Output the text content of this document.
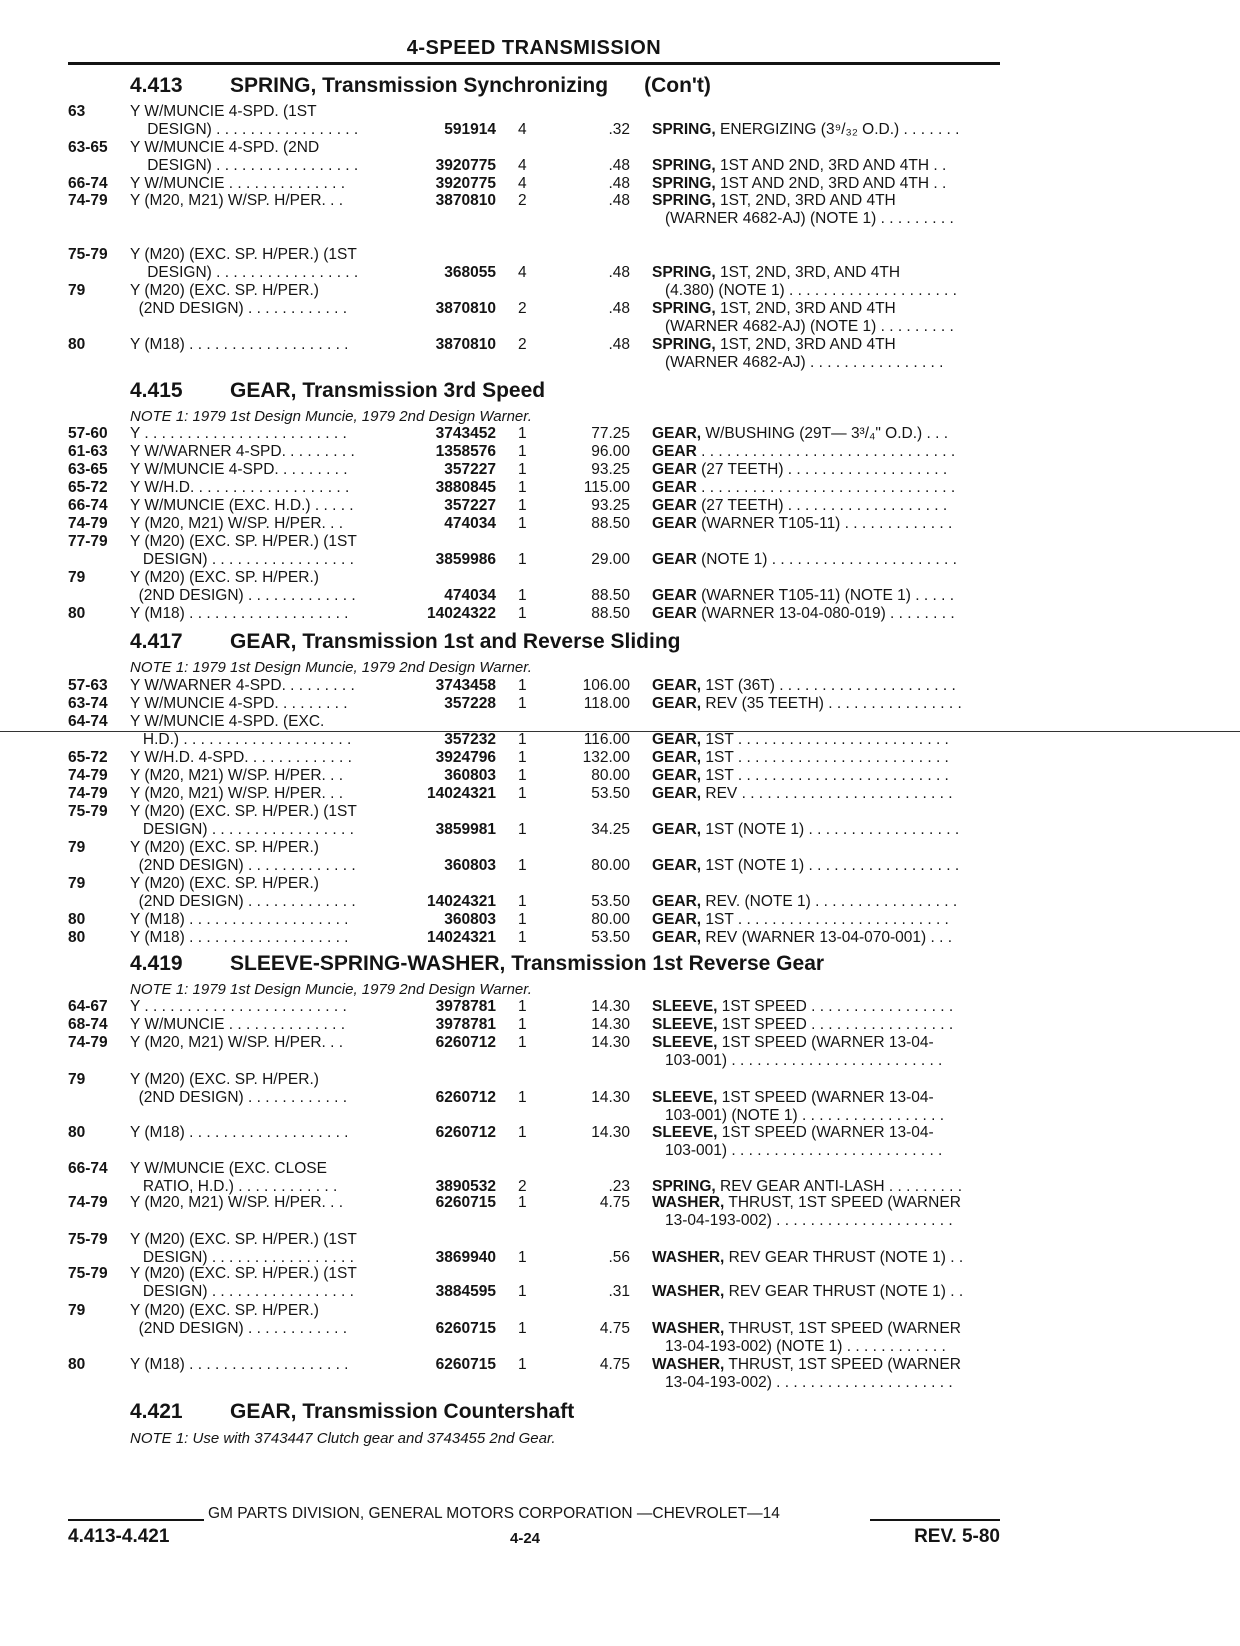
4-SPEED TRANSMISSION
4.413 SPRING, Transmission Synchronizing (Con't)
63	Y W/MUNCIE 4-SPD. (1ST
DESIGN) . . . . . . . . . . . . . . . . .	591914 4	.32 SPRING, ENERGIZING (3⁹/₃₂ O.D.) . . . . . . .
63-65 Y W/MUNCIE 4-SPD. (2ND
DESIGN) . . . . . . . . . . . . . . . . .	3920775 4	.48 SPRING, 1ST AND 2ND, 3RD AND 4TH . .
66-74 Y W/MUNCIE . . . . . . . . . . . . . .	3920775 4	.48 SPRING, 1ST AND 2ND, 3RD AND 4TH . .
74-79 Y (M20, M21) W/SP. H/PER. . .	3870810 2	.48 SPRING, 1ST, 2ND, 3RD AND 4TH
(WARNER 4682-AJ) (NOTE 1) . . . . . . . . .
75-79 Y (M20) (EXC. SP. H/PER.) (1ST
DESIGN) . . . . . . . . . . . . . . . . .	368055 4	.48 SPRING, 1ST, 2ND, 3RD, AND 4TH
(4.380) (NOTE 1) . . . . . . . . . . . . . . . . . . . .
79	Y (M20) (EXC. SP. H/PER.)
(2ND DESIGN) . . . . . . . . . . . .	3870810 2	.48 SPRING, 1ST, 2ND, 3RD AND 4TH
(WARNER 4682-AJ) (NOTE 1) . . . . . . . . .
80	Y (M18) . . . . . . . . . . . . . . . . . . .	3870810 2	.48 SPRING, 1ST, 2ND, 3RD AND 4TH
(WARNER 4682-AJ) . . . . . . . . . . . . . . . .
4.415 GEAR, Transmission 3rd Speed
NOTE 1: 1979 1st Design Muncie, 1979 2nd Design Warner.
57-60 Y . . . . . . . . . . . . . . . . . . . . . . . .	3743452 1	77.25 GEAR, W/BUSHING (29T— 3³/₄" O.D.) . . .
61-63 Y W/WARNER 4-SPD. . . . . . . . .	1358576 1	96.00 GEAR . . . . . . . . . . . . . . . . . . . . . . . . . . . . . .
63-65 Y W/MUNCIE 4-SPD. . . . . . . . .	357227 1	93.25 GEAR (27 TEETH) . . . . . . . . . . . . . . . . . . .
65-72 Y W/H.D. . . . . . . . . . . . . . . . . . .	3880845 1	115.00 GEAR . . . . . . . . . . . . . . . . . . . . . . . . . . . . . .
66-74 Y W/MUNCIE (EXC. H.D.) . . . . .	357227 1	93.25 GEAR (27 TEETH) . . . . . . . . . . . . . . . . . . .
74-79 Y (M20, M21) W/SP. H/PER. . .	474034 1	88.50 GEAR (WARNER T105-11) . . . . . . . . . . . . .
77-79 Y (M20) (EXC. SP. H/PER.) (1ST
DESIGN) . . . . . . . . . . . . . . . . .	3859986 1	29.00 GEAR (NOTE 1) . . . . . . . . . . . . . . . . . . . . . .
79	Y (M20) (EXC. SP. H/PER.)
(2ND DESIGN) . . . . . . . . . . . . .	474034 1	88.50 GEAR (WARNER T105-11) (NOTE 1) . . . . .
80	Y (M18) . . . . . . . . . . . . . . . . . . .	14024322 1	88.50 GEAR (WARNER 13-04-080-019) . . . . . . . .
4.417 GEAR, Transmission 1st and Reverse Sliding
NOTE 1: 1979 1st Design Muncie, 1979 2nd Design Warner.
57-63 Y W/WARNER 4-SPD. . . . . . . . .	3743458 1	106.00 GEAR, 1ST (36T) . . . . . . . . . . . . . . . . . . . . .
63-74 Y W/MUNCIE 4-SPD. . . . . . . . .	357228 1	118.00 GEAR, REV (35 TEETH) . . . . . . . . . . . . . . . .
64-74 Y W/MUNCIE 4-SPD. (EXC.
H.D.) . . . . . . . . . . . . . . . . . . . .	357232 1	116.00 GEAR, 1ST . . . . . . . . . . . . . . . . . . . . . . . . .
65-72 Y W/H.D. 4-SPD. . . . . . . . . . . . .	3924796 1	132.00 GEAR, 1ST . . . . . . . . . . . . . . . . . . . . . . . . .
74-79 Y (M20, M21) W/SP. H/PER. . .	360803 1	80.00 GEAR, 1ST . . . . . . . . . . . . . . . . . . . . . . . . .
74-79 Y (M20, M21) W/SP. H/PER. . .	14024321 1	53.50 GEAR, REV . . . . . . . . . . . . . . . . . . . . . . . . .
75-79 Y (M20) (EXC. SP. H/PER.) (1ST
DESIGN) . . . . . . . . . . . . . . . . .	3859981 1	34.25 GEAR, 1ST (NOTE 1) . . . . . . . . . . . . . . . . . .
79	Y (M20) (EXC. SP. H/PER.)
(2ND DESIGN) . . . . . . . . . . . . .	360803 1	80.00 GEAR, 1ST (NOTE 1) . . . . . . . . . . . . . . . . . .
79	Y (M20) (EXC. SP. H/PER.)
(2ND DESIGN) . . . . . . . . . . . . .	14024321 1	53.50 GEAR, REV. (NOTE 1) . . . . . . . . . . . . . . . . .
80	Y (M18) . . . . . . . . . . . . . . . . . . .	360803 1	80.00 GEAR, 1ST . . . . . . . . . . . . . . . . . . . . . . . . .
80	Y (M18) . . . . . . . . . . . . . . . . . . .	14024321 1	53.50 GEAR, REV (WARNER 13-04-070-001) . . .
4.419 SLEEVE-SPRING-WASHER, Transmission 1st Reverse Gear
NOTE 1: 1979 1st Design Muncie, 1979 2nd Design Warner.
64-67 Y . . . . . . . . . . . . . . . . . . . . . . . .	3978781 1	14.30 SLEEVE, 1ST SPEED . . . . . . . . . . . . . . . . .
68-74 Y W/MUNCIE . . . . . . . . . . . . . .	3978781 1	14.30 SLEEVE, 1ST SPEED . . . . . . . . . . . . . . . . .
74-79 Y (M20, M21) W/SP. H/PER. . .	6260712 1	14.30 SLEEVE, 1ST SPEED (WARNER 13-04-
103-001) . . . . . . . . . . . . . . . . . . . . . . . . .
79	Y (M20) (EXC. SP. H/PER.)
(2ND DESIGN) . . . . . . . . . . . .	6260712 1	14.30 SLEEVE, 1ST SPEED (WARNER 13-04-
103-001) (NOTE 1) . . . . . . . . . . . . . . . . .
80	Y (M18) . . . . . . . . . . . . . . . . . . .	6260712 1	14.30 SLEEVE, 1ST SPEED (WARNER 13-04-
103-001) . . . . . . . . . . . . . . . . . . . . . . . . .
66-74 Y W/MUNCIE (EXC. CLOSE
RATIO, H.D.) . . . . . . . . . . . .	3890532 2	.23 SPRING, REV GEAR ANTI-LASH . . . . . . . . .
74-79 Y (M20, M21) W/SP. H/PER. . .	6260715 1	4.75 WASHER, THRUST, 1ST SPEED (WARNER
13-04-193-002) . . . . . . . . . . . . . . . . . . . . .
75-79 Y (M20) (EXC. SP. H/PER.) (1ST
DESIGN) . . . . . . . . . . . . . . . . .	3869940 1	.56 WASHER, REV GEAR THRUST (NOTE 1) . .
75-79 Y (M20) (EXC. SP. H/PER.) (1ST
DESIGN) . . . . . . . . . . . . . . . . .	3884595 1	.31 WASHER, REV GEAR THRUST (NOTE 1) . .
79	Y (M20) (EXC. SP. H/PER.)
(2ND DESIGN) . . . . . . . . . . . .	6260715 1	4.75 WASHER, THRUST, 1ST SPEED (WARNER
13-04-193-002) (NOTE 1) . . . . . . . . . . . .
80	Y (M18) . . . . . . . . . . . . . . . . . . .	6260715 1	4.75 WASHER, THRUST, 1ST SPEED (WARNER
13-04-193-002) . . . . . . . . . . . . . . . . . . . . .
4.421 GEAR, Transmission Countershaft
NOTE 1: Use with 3743447 Clutch gear and 3743455 2nd Gear.
GM PARTS DIVISION, GENERAL MOTORS CORPORATION —CHEVROLET—14
4.413-4.421	4-24	REV. 5-80
